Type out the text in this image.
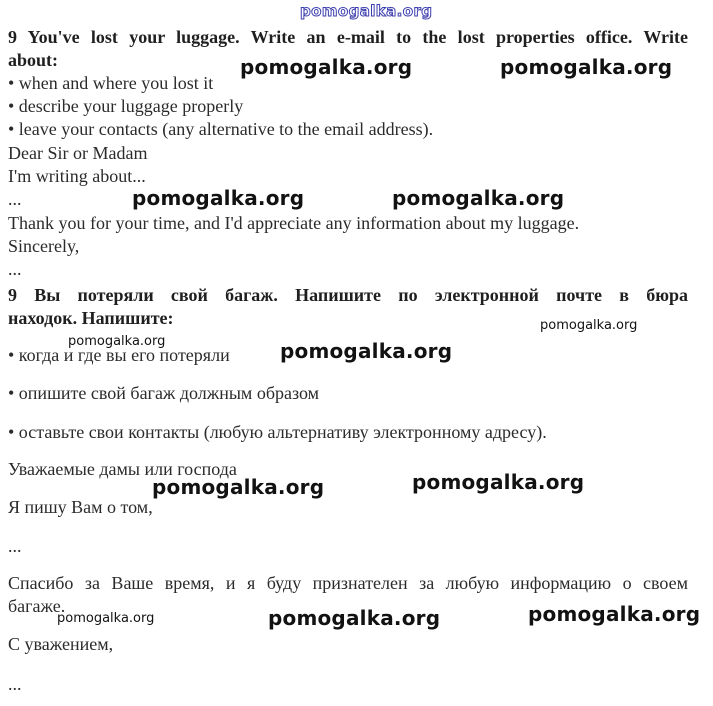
pomogalka.org
9 You've lost your luggage. Write an e-mail to the lost properties office. Write
about:
• when and where you lost it
• describe your luggage properly
• leave your contacts (any alternative to the email address).
Dear Sir or Madam
I'm writing about...
...
Thank you for your time, and I'd appreciate any information about my luggage.
Sincerely,
...
9 Вы потеряли свой багаж. Напишите по электронной почте в бюра
находок. Напишите:
• когда и где вы его потеряли
• опишите свой багаж должным образом
• оставьте свои контакты (любую альтернативу электронному адресу).
Уважаемые дамы или господа
Я пишу Вам о том,
...
Спасибо за Ваше время, и я буду признателен за любую информацию о своем
багаже.
С уважением,
...
pomogalka.org	pomogalka.org
pomogalka.org	pomogalka.org
pomogalka.org
pomogalka.org	pomogalka.org
pomogalka.org
pomogalka.org
pomogalka.org	pomogalka.org
pomogalka.org
